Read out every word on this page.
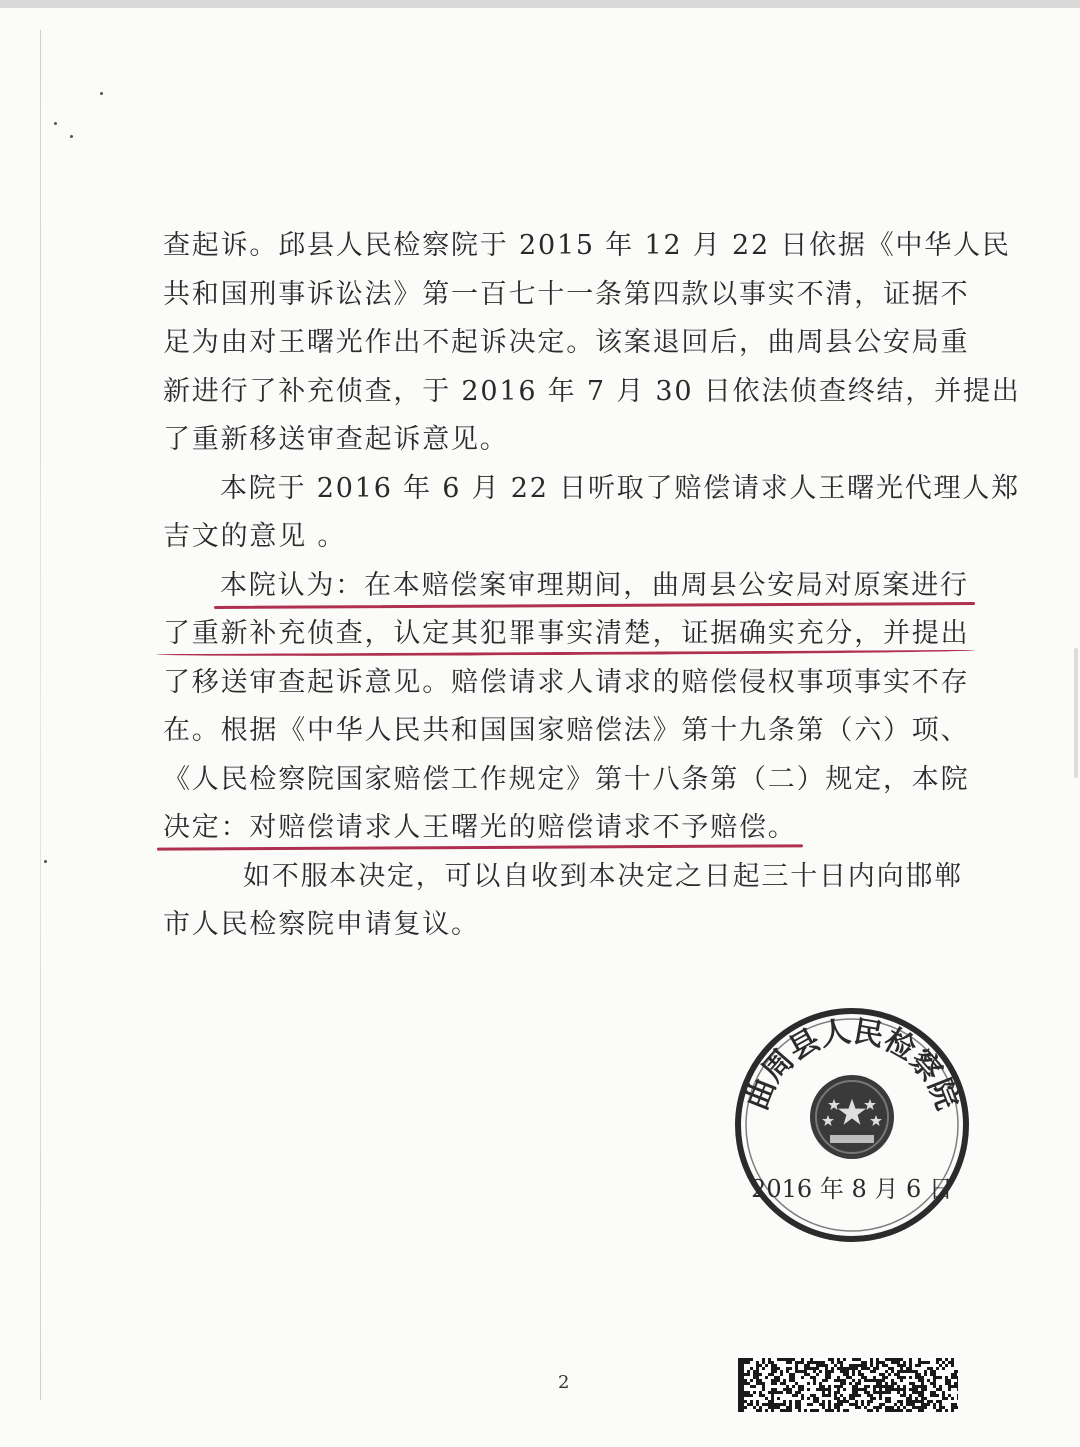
查起诉。邱县人民检察院于 2015 年 12 月 22 日依据《中华人民
共和国刑事诉讼法》第一百七十一条第四款以事实不清，证据不
足为由对王曙光作出不起诉决定。该案退回后，曲周县公安局重
新进行了补充侦查，于 2016 年 7 月 30 日依法侦查终结，并提出
了重新移送审查起诉意见。
本院于 2016 年 6 月 22 日听取了赔偿请求人王曙光代理人郑
吉文的意见 。
本院认为：在本赔偿案审理期间，曲周县公安局对原案进行
了重新补充侦查，认定其犯罪事实清楚，证据确实充分，并提出
了移送审查起诉意见。赔偿请求人请求的赔偿侵权事项事实不存
在。根据《中华人民共和国国家赔偿法》第十九条第（六）项、
《人民检察院国家赔偿工作规定》第十八条第（二）规定，本院
决定：对赔偿请求人王曙光的赔偿请求不予赔偿。
如不服本决定，可以自收到本决定之日起三十日内向邯郸
市人民检察院申请复议。
曲周县人民检察院
2016 年 8 月 6 日
2
